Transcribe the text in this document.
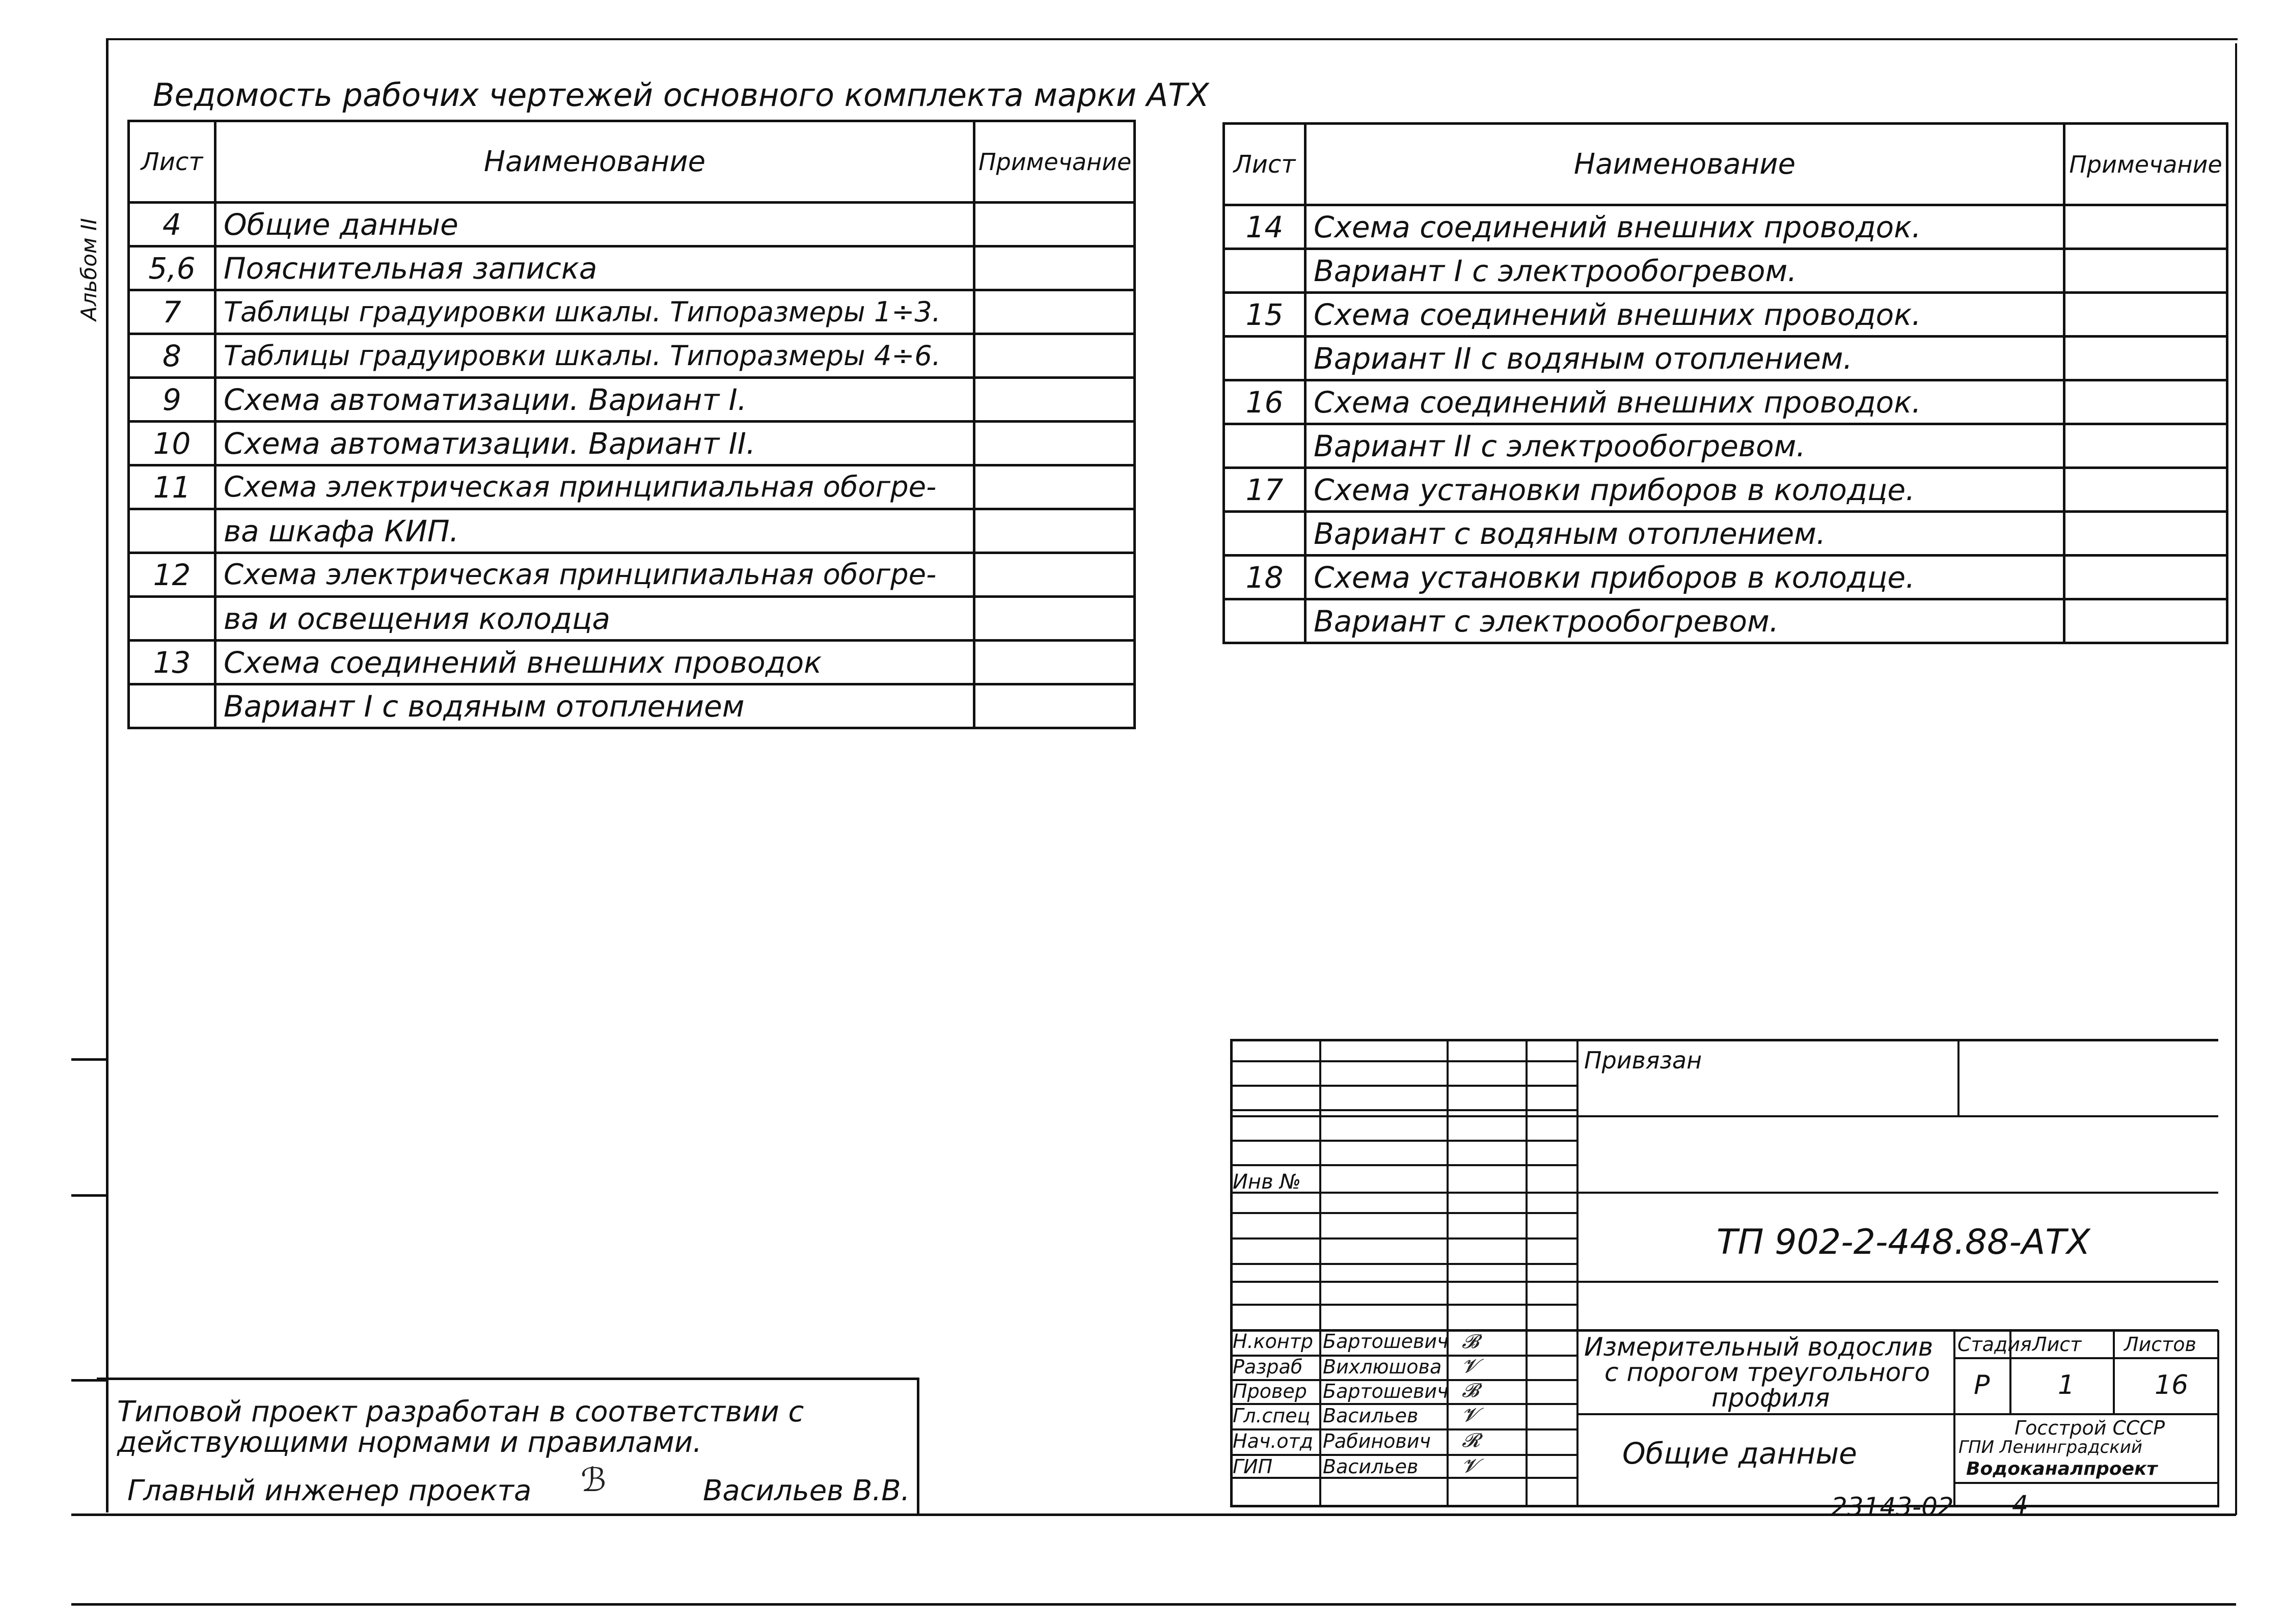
Альбом II
Ведомость рабочих чертежей основного комплекта марки АТХ
Лист	Наименование	Примечание
4	Общие данные	
5,6	Пояснительная записка	
7	Таблицы градуировки шкалы. Типоразмеры 1÷3.	
8	Таблицы градуировки шкалы. Типоразмеры 4÷6.	
9	Схема автоматизации. Вариант I.	
10	Схема автоматизации. Вариант II.	
11	Схема электрическая принципиальная обогре-	
	ва шкафа КИП.	
12	Схема электрическая принципиальная обогре-	
	ва и освещения колодца	
13	Схема соединений внешних проводок	
	Вариант I с водяным отоплением	
Лист	Наименование	Примечание
14	Схема соединений внешних проводок.	
	Вариант I с электрообогревом.	
15	Схема соединений внешних проводок.	
	Вариант II с водяным отоплением.	
16	Схема соединений внешних проводок.	
	Вариант II с электрообогревом.	
17	Схема установки приборов в колодце.	
	Вариант с водяным отоплением.	
18	Схема установки приборов в колодце.	
	Вариант с электрообогревом.	
Типовой проект разработан в соответствии с
действующими нормами и правилами.
Главный инженер проекта ℬ	Васильев В.В.
Привязан
Инв №
ТП 902-2-448.88-АТХ
Н.контр Бартошевич
Разраб Вихлюшова
Провер Бартошевич
Гл.спец Васильев
Нач.отд Рабинович
ГИП	Васильев
𝓑
𝓥
𝓑
𝓥
𝓡
𝓥
Измерительный водослив
с порогом треугольного
профиля
Общие данные
Стадия Лист Листов
Р	1	16
Госстрой СССР
ГПИ Ленинградский
Водоканалпроект
23143-02 4
